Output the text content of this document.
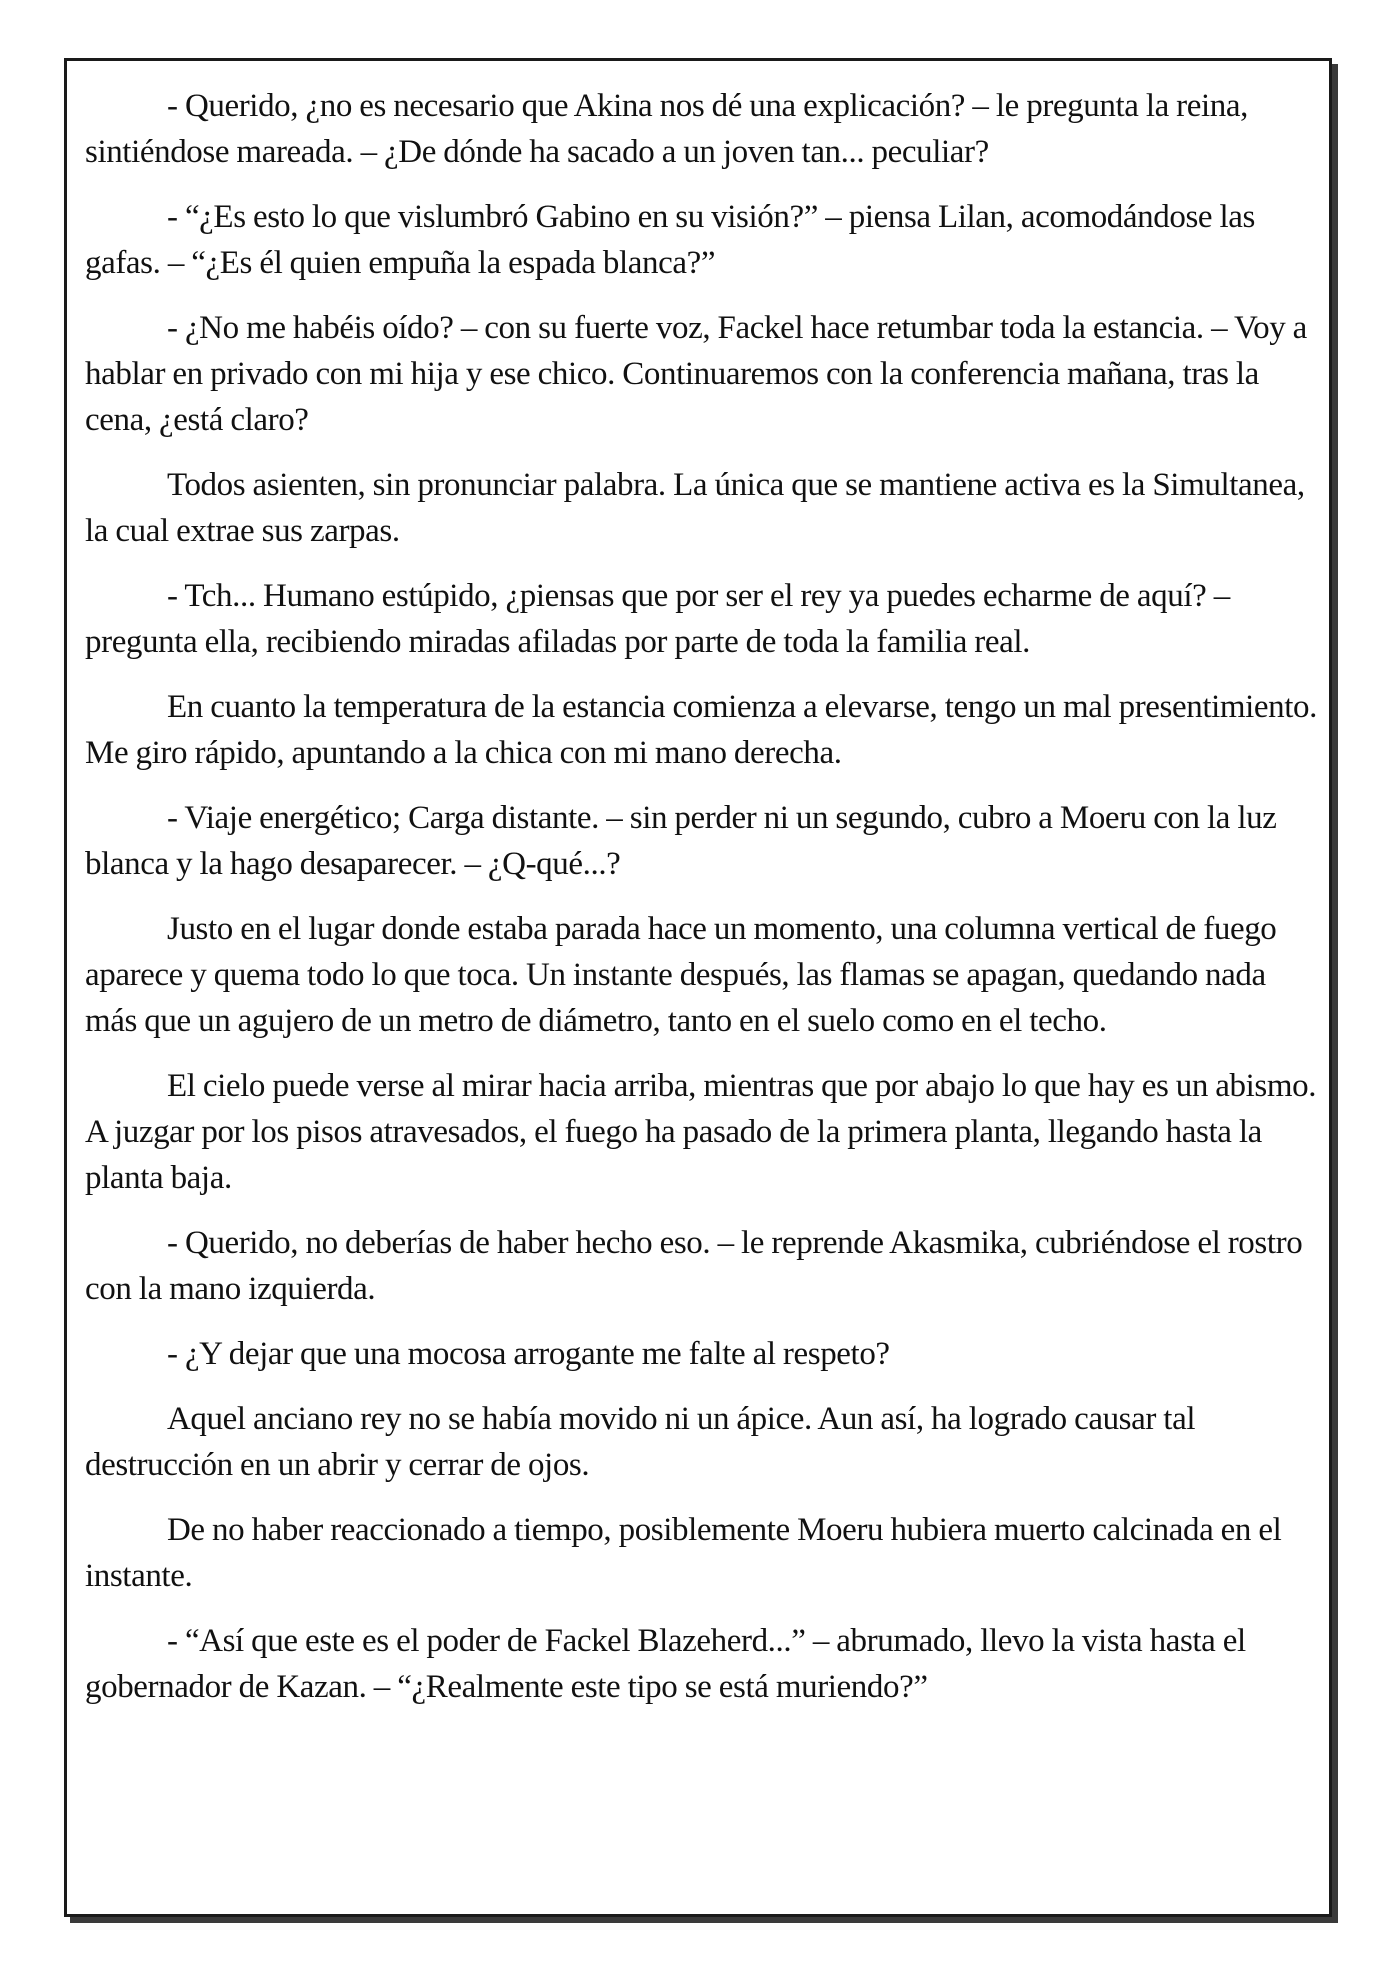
- Querido, ¿no es necesario que Akina nos dé una explicación? – le pregunta la reina, sintiéndose mareada. – ¿De dónde ha sacado a un joven tan... peculiar?

- “¿Es esto lo que vislumbró Gabino en su visión?” – piensa Lilan, acomodándose las gafas. – “¿Es él quien empuña la espada blanca?”

- ¿No me habéis oído? – con su fuerte voz, Fackel hace retumbar toda la estancia. – Voy a hablar en privado con mi hija y ese chico. Continuaremos con la conferencia mañana, tras la cena, ¿está claro?

Todos asienten, sin pronunciar palabra. La única que se mantiene activa es la Simultanea, la cual extrae sus zarpas.

- Tch... Humano estúpido, ¿piensas que por ser el rey ya puedes echarme de aquí? – pregunta ella, recibiendo miradas afiladas por parte de toda la familia real.

En cuanto la temperatura de la estancia comienza a elevarse, tengo un mal presentimiento. Me giro rápido, apuntando a la chica con mi mano derecha.

- Viaje energético; Carga distante. – sin perder ni un segundo, cubro a Moeru con la luz blanca y la hago desaparecer. – ¿Q-qué...?

Justo en el lugar donde estaba parada hace un momento, una columna vertical de fuego aparece y quema todo lo que toca. Un instante después, las flamas se apagan, quedando nada más que un agujero de un metro de diámetro, tanto en el suelo como en el techo.

El cielo puede verse al mirar hacia arriba, mientras que por abajo lo que hay es un abismo. A juzgar por los pisos atravesados, el fuego ha pasado de la primera planta, llegando hasta la planta baja.

- Querido, no deberías de haber hecho eso. – le reprende Akasmika, cubriéndose el rostro con la mano izquierda.

- ¿Y dejar que una mocosa arrogante me falte al respeto?

Aquel anciano rey no se había movido ni un ápice. Aun así, ha logrado causar tal destrucción en un abrir y cerrar de ojos.

De no haber reaccionado a tiempo, posiblemente Moeru hubiera muerto calcinada en el instante.

- “Así que este es el poder de Fackel Blazeherd...” – abrumado, llevo la vista hasta el gobernador de Kazan. – “¿Realmente este tipo se está muriendo?”
